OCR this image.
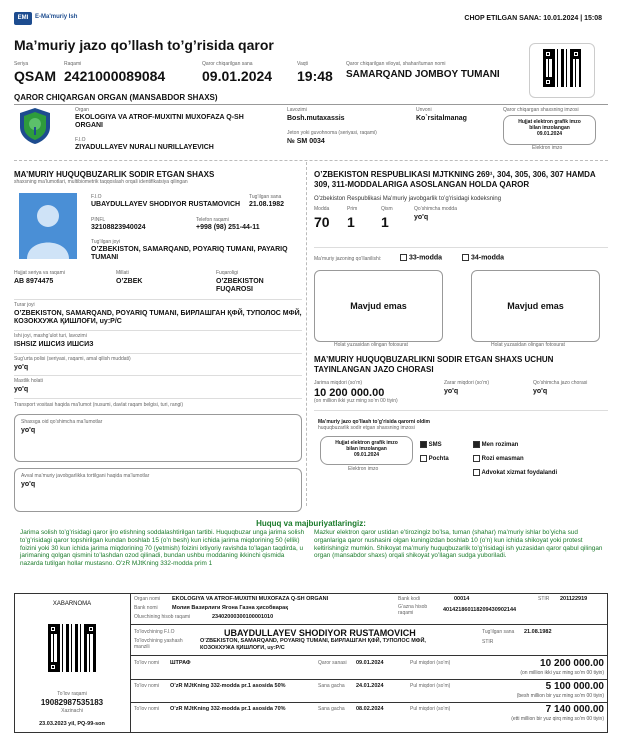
EMI	E-Ma'muriy Ish	CHOP ETILGAN SANA: 10.01.2024 | 15:08
Ma’muriy jazo qo’llash to’g’risida qaror
Seriya
QSAM
Raqami
2421000089084
Qaror chiqarilgan sana
09.01.2024
Vaqti
19:48
Qaror chiqarilgan viloyat, shahar/tuman nomi
SAMARQAND JOMBOY TUMANI
QAROR CHIQARGAN ORGAN (MANSABDOR SHAXS)
Organ
EKOLOGIYA VA ATROF-MUXITNI MUXOFAZA Q-SH ORGANI
F.I.O
ZIYADULLAYEV NURALI NURILLAYEVICH
Lavozimi
Bosh.mutaxassis
Unvoni
Ko`rsitalmanag
Jeton yoki guvohnoma (seriyasi, raqami)
№ SM 0034
Qaror chiqargan shaxsning imzosi
Hujjat elektron grafik imzo
bilan imzolangan
09.01.2024
Elektron imzo
MA’MURIY HUQUQBUZARLIK SODIR ETGAN SHAXS
shaxsning ma’lumotlari, multibiometrik taqqoslash orqali identifikatsiya qilingan
F.I.O
UBAYDULLAYEV SHODIYOR RUSTAMOVICH
Tug’ilgan sana
21.08.1982
PINFL
32108823940024
Telefon raqami
+998 (98) 251-44-11
Tug’ilgan joyi
O’ZBEKISTON, SAMARQAND, POYARIQ TUMANI, PAYARIQ TUMANI
Hujjat seriya va raqami
AB 8974475
Millati
O’ZBEK
Fuqaroligi
O’ZBEKISTON FUQAROSI
Turar joyi
O’ZBEKISTON, SAMARQAND, POYARIQ TUMANI, БИРЛАШГАН ҚФЙ, ТУПОЛОС МФЙ, КОЗОКХУЖА ҚИШЛОҒИ, uy:P/C
Ishi joyi, mashg’ulot turi, lavozimi
ISHSIZ ИШСИЗ ИШСИЗ
Sug’urta polisi (seriyasi, raqami, amal qilish muddati)
yo'q
Mastlik holati
yo'q
Transport vositasi haqida ma’lumot (nusumi, davlat raqam belgisi, turi, rangi)
Shaxsga oid qo’shimcha ma’lumotlar
yo'q
Avval ma’muriy javobgarlikka tortilgani haqida ma’lumotlar
yo'q
O’ZBEKISTON RESPUBLIKASI MJTKNING 269¹, 304, 305, 306, 307 HAMDA 309, 311-MODDALARIGA ASOSLANGAN HOLDA QAROR
O’zbekiston Respublikasi Ma’muriy javobgarlik to’g’risidagi kodeksning
Modda
70
Prim
1
Qism
1
Qo’shimcha modda
yo'q
Ma’muriy jazoning qo’llanilishi:	33-modda	34-modda
Mavjud emas
Holat yuzasidan olingan fotosurat
Mavjud emas
Holat yuzasidan olingan fotosurat
MA’MURIY HUQUQBUZARLIKNI SODIR ETGAN SHAXS UCHUN TAYINLANGAN JAZO CHORASI
Jarima miqdori (so’m)
10 200 000.00
(on million ikki yuz ming so’m 00 tiyin)
Zarar miqdori (so’m)
yo'q
Qo’shimcha jazo chorasi
yo'q
Ma’muriy jazo qo’llash to’g’risida qarorni oldim
huquqbuzarlik sodir etgan shaxsning imzosi
Hujjat elektron grafik imzo
bilan imzolangan
09.01.2024
Elektron imzo
SMS
Pochta
Men roziman
Rozi emasman
Advokat xizmat foydalandi
Huquq va majburiyatlaringiz:
Jarima solish to’g’risidagi qaror ijro etishning soddalashtirilgan tartibi. Huquqbuzar unga jarima solish to’g’risidagi qaror topshirilgan kundan boshlab 15 (o’n besh) kun ichida jarima miqdorining 50 (ellik) foizini yoki 30 kun ichida jarima miqdorining 70 (yetmish) foizini ixtiyoriy ravishda to’lagan taqdirda, u jarimaning qolgan qismini to’lashdan ozod qilinadi, bundan ushbu moddaning ikkinchi qismida nazarda tutilgan hollar mustasno. O’zR MJtKning 332-modda prim 1
Mazkur elektron qaror ustidan e’tirozingiz bo’lsa, tuman (shahar) ma’muriy ishlar bo’yicha sud organlariga qaror nushasini olgan kuningizdan boshlab 10 (o’n) kun ichida shikoyat yoki protest keltirishingiz mumkin. Shikoyat ma’muriy huquqbuzarlik to’g’risidagi ish yuzasidan qaror qabul qilingan organ (mansabdor shaxs) orqali shikoyat yo’llagan sudga yuboriladi.
XABARNOMA
To’lov raqami
19082987535183
Xazinachi
23.03.2023 yil, PQ-99-son
Organ nomi EKOLOGIYA VA ATROF-MUXITNI MUXOFAZA Q-SH ORGANI
Bank nomi	Молия Вазирлиги Ягона Газна ҳисобварақ
Oluvchining hisob raqami	23402000300100001010
Bank kodi	00014	STIR 201122919
G’azna hisob raqami	401421860118209430902144
To’lovchining F.I.O	UBAYDULLAYEV SHODIYOR RUSTAMOVICH	Tug’ilgan sana 21.08.1982
To’lovchining yashash manzili
O’ZBEKISTON, SAMARQAND, POYARIQ TUMANI, БИРЛАШГАН ҚФЙ, ТУПОЛОС МФЙ, КОЗОКХУЖА ҚИШЛОҒИ, uy:P/C
STIR
To’lov nomi ШТРАФ	Qaror sanasi 09.01.2024	Pul miqdori (so’m)	10 200 000.00
(on million ikki yuz ming so’m 00 tiyin)
To’lov nomi O’zR MJtKning 332-modda pr.1 asosida 50%	Sana gacha 24.01.2024	Pul miqdori (so’m)	5 100 000.00
(besh million bir yuz ming so’m 00 tiyin)
To’lov nomi O’zR MJtKning 332-modda pr.1 asosida 70%	Sana gacha 08.02.2024	Pul miqdori (so’m)	7 140 000.00
(etti million bir yuz qirq ming so’m 00 tiyin)
